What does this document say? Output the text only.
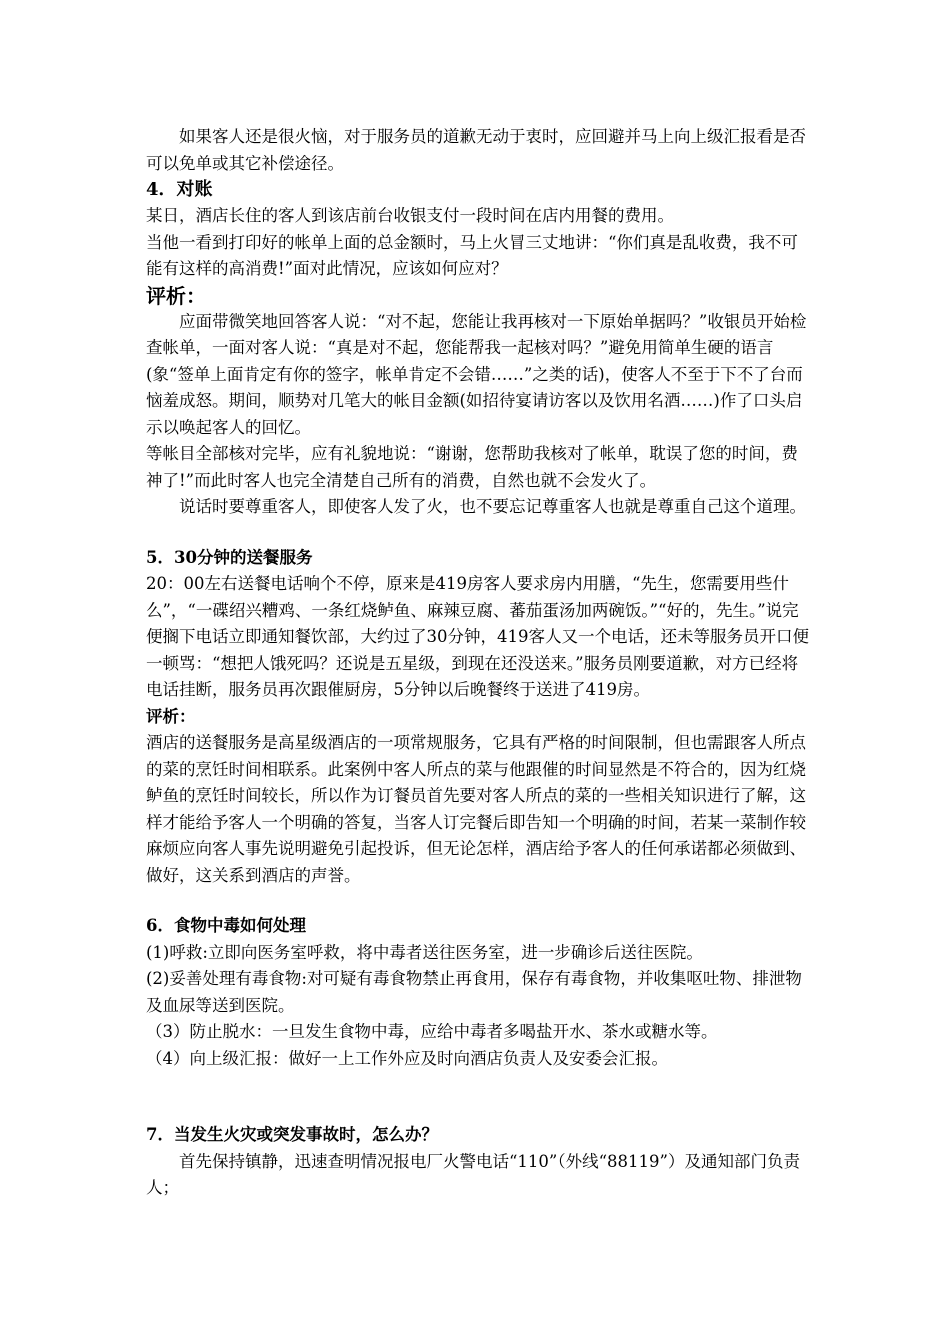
如果客人还是很火恼，对于服务员的道歉无动于衷时，应回避并马上向上级汇报看是否可以免单或其它补偿途径。

4．对账

某日，酒店长住的客人到该店前台收银支付一段时间在店内用餐的费用。

当他一看到打印好的帐单上面的总金额时，马上火冒三丈地讲：“你们真是乱收费，我不可能有这样的高消费!”面对此情况，应该如何应对？

评析：

应面带微笑地回答客人说：“对不起，您能让我再核对一下原始单据吗？”收银员开始检查帐单，一面对客人说：“真是对不起，您能帮我一起核对吗？”避免用简单生硬的语言(象“签单上面肯定有你的签字，帐单肯定不会错……”之类的话)，使客人不至于下不了台而恼羞成怒。期间，顺势对几笔大的帐目金额(如招待宴请访客以及饮用名酒……)作了口头启示以唤起客人的回忆。

等帐目全部核对完毕，应有礼貌地说：“谢谢，您帮助我核对了帐单，耽误了您的时间，费神了!”而此时客人也完全清楚自己所有的消费，自然也就不会发火了。

说话时要尊重客人，即使客人发了火，也不要忘记尊重客人也就是尊重自己这个道理。

5．30分钟的送餐服务

20：00左右送餐电话响个不停，原来是419房客人要求房内用膳，“先生，您需要用些什么”，“一碟绍兴糟鸡、一条红烧鲈鱼、麻辣豆腐、蕃茄蛋汤加两碗饭。”“好的，先生。”说完便搁下电话立即通知餐饮部，大约过了30分钟，419客人又一个电话，还未等服务员开口便一顿骂：“想把人饿死吗？还说是五星级，到现在还没送来。”服务员刚要道歉，对方已经将电话挂断，服务员再次跟催厨房，5分钟以后晚餐终于送进了419房。

评析：

酒店的送餐服务是高星级酒店的一项常规服务，它具有严格的时间限制，但也需跟客人所点的菜的烹饪时间相联系。此案例中客人所点的菜与他跟催的时间显然是不符合的，因为红烧鲈鱼的烹饪时间较长，所以作为订餐员首先要对客人所点的菜的一些相关知识进行了解，这样才能给予客人一个明确的答复，当客人订完餐后即告知一个明确的时间，若某一菜制作较麻烦应向客人事先说明避免引起投诉，但无论怎样，酒店给予客人的任何承诺都必须做到、做好，这关系到酒店的声誉。

6．食物中毒如何处理

(1)呼救:立即向医务室呼救，将中毒者送往医务室，进一步确诊后送往医院。

(2)妥善处理有毒食物:对可疑有毒食物禁止再食用，保存有毒食物，并收集呕吐物、排泄物及血尿等送到医院。

（3）防止脱水：一旦发生食物中毒，应给中毒者多喝盐开水、茶水或糖水等。

（4）向上级汇报：做好一上工作外应及时向酒店负责人及安委会汇报。

7．当发生火灾或突发事故时，怎么办？

首先保持镇静，迅速查明情况报电厂火警电话“110”（外线“88119”）及通知部门负责人；
